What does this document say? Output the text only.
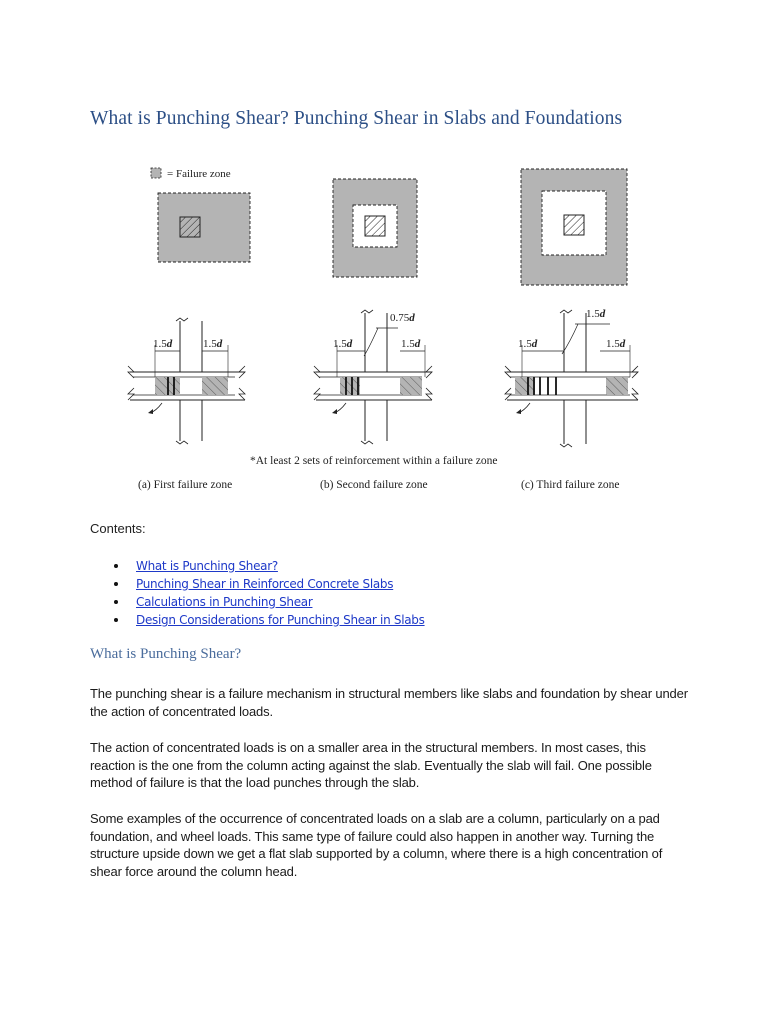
What is Punching Shear? Punching Shear in Slabs and Foundations
= Failure zone
1.5d	1.5d
0.75d
1.5d	1.5d
1.5d
1.5d	1.5d
*At least 2 sets of reinforcement within a failure zone
(a) First failure zone	(b) Second failure zone	(c) Third failure zone
Contents:
What is Punching Shear?
Punching Shear in Reinforced Concrete Slabs
Calculations in Punching Shear
Design Considerations for Punching Shear in Slabs
What is Punching Shear?

The punching shear is a failure mechanism in structural members like slabs and foundation by shear under the action of concentrated loads.

The action of concentrated loads is on a smaller area in the structural members. In most cases, this reaction is the one from the column acting against the slab. Eventually the slab will fail. One possible method of failure is that the load punches through the slab.

Some examples of the occurrence of concentrated loads on a slab are a column, particularly on a pad foundation, and wheel loads. This same type of failure could also happen in another way. Turning the structure upside down we get a flat slab supported by a column, where there is a high concentration of shear force around the column head.
